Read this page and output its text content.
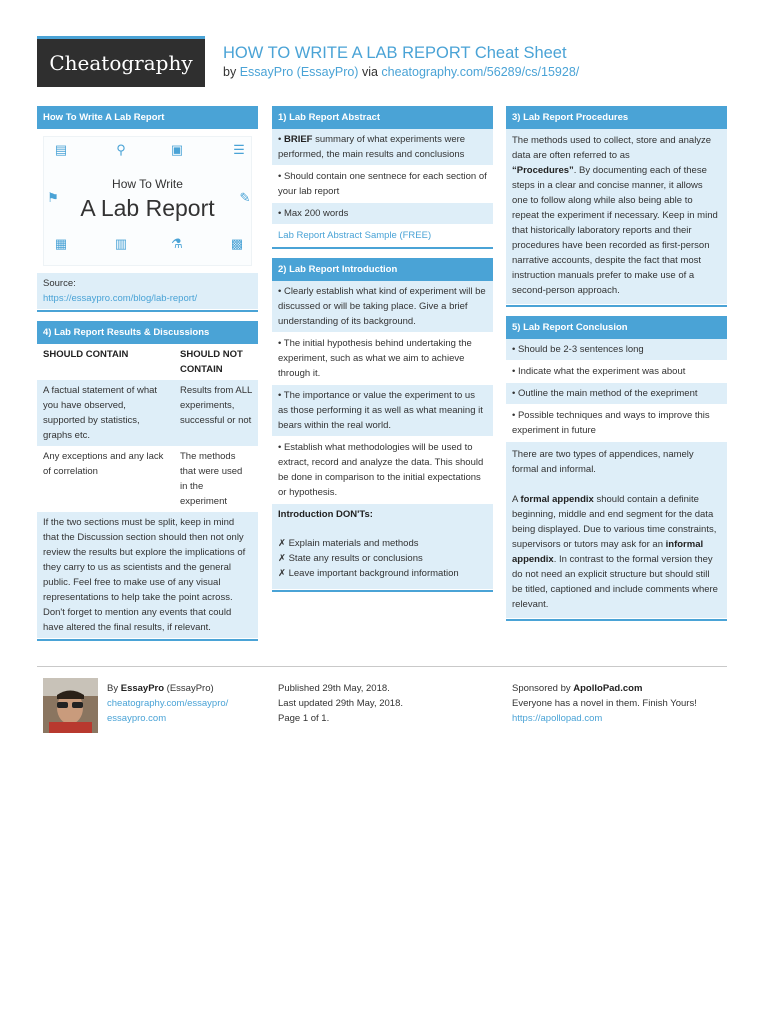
Cheatography	HOW TO WRITE A LAB REPORT Cheat Sheet
by EssayPro (EssayPro) via cheatography.com/56289/cs/15928/
How To Write A Lab Report
▤	⚲	▣	☰
⚑	✎
How To Write
A Lab Report
▦	▥	⚗	▩
Source:
https://essaypro.com/blog/lab-report/
4) Lab Report Results & Discussions
SHOULD CONTAIN	SHOULD NOT CONTAIN
A factual statement of what you have observed, supported by statistics, graphs etc.	Results from ALL experiments, successful or not
Any exceptions and any lack of correlation	The methods that were used in the experiment
If the two sections must be split, keep in mind that the Discussion section should then not only review the results but explore the implications of they carry to us as scientists and the general public. Feel free to make use of any visual representations to help take the point across. Don't forget to mention any events that could have altered the final results, if relevant.
1) Lab Report Abstract
• BRIEF summary of what experiments were performed, the main results and conclusions
• Should contain one sentnece for each section of your lab report
• Max 200 words
Lab Report Abstract Sample (FREE)
2) Lab Report Introduction
• Clearly establish what kind of experiment will be discussed or will be taking place. Give a brief understanding of its background.
• The initial hypothesis behind undertaking the experiment, such as what we aim to achieve through it.
• The importance or value the experiment to us as those performing it as well as what meaning it bears within the real world.
• Establish what methodologies will be used to extract, record and analyze the data. This should be done in comparison to the initial expectations or hypothesis.
Introduction DON'Ts:
✗ Explain materials and methods
✗ State any results or conclusions
✗ Leave important background information
3) Lab Report Procedures
The methods used to collect, store and analyze data are often referred to as
“Procedures”. By documenting each of these steps in a clear and concise manner, it allows one to follow along while also being able to repeat the experiment if necessary. Keep in mind that historically laboratory reports and their procedures have been recorded as first-person narrative accounts, despite the fact that most instruction manuals prefer to make use of a second-person approach.
5) Lab Report Conclusion
• Should be 2-3 sentences long
• Indicate what the experiment was about
• Outline the main method of the exepriment
• Possible techniques and ways to improve this experiment in future
There are two types of appendices, namely formal and informal.
A formal appendix should contain a definite beginning, middle and end segment for the data being displayed. Due to various time constraints, supervisors or tutors may ask for an informal appendix. In contrast to the formal version they do not need an explicit structure but should still be titled, captioned and include comments where relevant.
By EssayPro (EssayPro)
cheatography.com/essaypro/
essaypro.com
Published 29th May, 2018.
Last updated 29th May, 2018.
Page 1 of 1.
Sponsored by ApolloPad.com
Everyone has a novel in them. Finish Yours!
https://apollopad.com
